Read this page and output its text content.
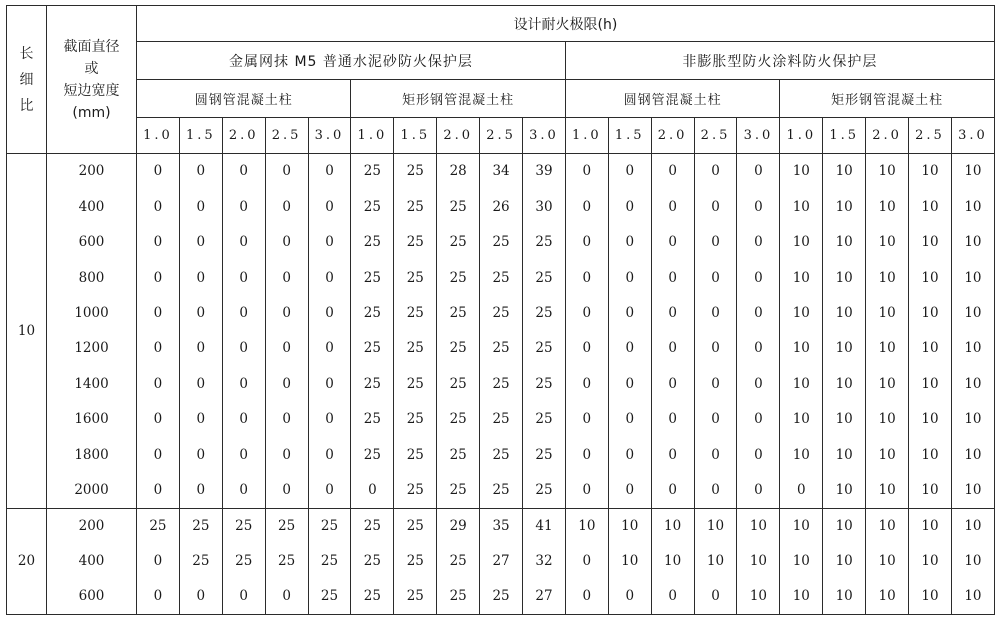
长
细
比	截面直径
或
短边宽度
(mm)	设计耐火极限(h)																			
		金属网抹 M5 普通水泥砂防火保护层										非膨胀型防火涂料防火保护层									
		圆钢管混凝土柱					矩形钢管混凝土柱					圆钢管混凝土柱					矩形钢管混凝土柱				
		1.0	1.5	2.0	2.5	3.0	1.0	1.5	2.0	2.5	3.0	1.0	1.5	2.0	2.5	3.0	1.0	1.5	2.0	2.5	3.0
10	200	0	0	0	0	0	25	25	28	34	39	0	0	0	0	0	10	10	10	10	10
	400	0	0	0	0	0	25	25	25	26	30	0	0	0	0	0	10	10	10	10	10
	600	0	0	0	0	0	25	25	25	25	25	0	0	0	0	0	10	10	10	10	10
	800	0	0	0	0	0	25	25	25	25	25	0	0	0	0	0	10	10	10	10	10
	1000	0	0	0	0	0	25	25	25	25	25	0	0	0	0	0	10	10	10	10	10
	1200	0	0	0	0	0	25	25	25	25	25	0	0	0	0	0	10	10	10	10	10
	1400	0	0	0	0	0	25	25	25	25	25	0	0	0	0	0	10	10	10	10	10
	1600	0	0	0	0	0	25	25	25	25	25	0	0	0	0	0	10	10	10	10	10
	1800	0	0	0	0	0	25	25	25	25	25	0	0	0	0	0	10	10	10	10	10
	2000	0	0	0	0	0	0	25	25	25	25	0	0	0	0	0	0	10	10	10	10
20	200	25	25	25	25	25	25	25	29	35	41	10	10	10	10	10	10	10	10	10	10
	400	0	25	25	25	25	25	25	25	27	32	0	10	10	10	10	10	10	10	10	10
	600	0	0	0	0	25	25	25	25	25	27	0	0	0	0	10	10	10	10	10	10
